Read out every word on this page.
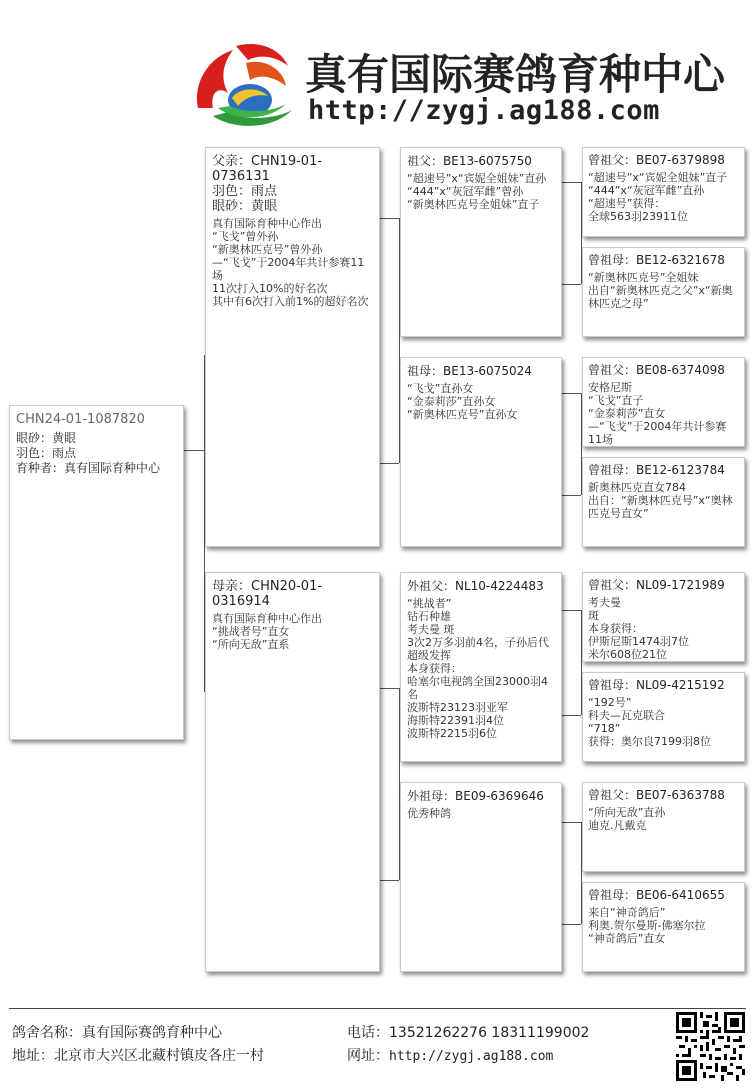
真有国际赛鸽育种中心
http://zygj.ag188.com
CHN24-01-1087820
眼砂：黄眼
羽色：雨点
育种者：真有国际育种中心
父亲：CHN19-01-0736131
羽色：雨点
眼砂：黄眼
真有国际育种中心作出
“飞戈”曾外孙
“新奥林匹克号”曾外孙
—“飞戈”于2004年共计参赛11场
11次打入10%的好名次
其中有6次打入前1%的超好名次
母亲：CHN20-01-0316914
真有国际育种中心作出
“挑战者号”直女
“所向无敌”直系
祖父：BE13-6075750
“超速号”x“宾妮全姐妹”直孙
“444”x“灰冠军雌”曾孙
“新奥林匹克号全姐妹”直子
祖母：BE13-6075024
“飞戈”直孙女
“金泰莉莎”直孙女
“新奥林匹克号”直孙女
外祖父：NL10-4224483
“挑战者”
钻石种雄
考夫曼 斑
3次2万多羽前4名，子孙后代超级发挥
本身获得：
哈塞尔电视鸽全国23000羽4名
波斯特23123羽亚军
海斯特22391羽4位
波斯特2215羽6位
外祖母：BE09-6369646
优秀种鸽
曾祖父：BE07-6379898
“超速号”x“宾妮全姐妹”直子
“444”x“灰冠军雌”直孙
“超速号”获得：
全球563羽23911位
曾祖母：BE12-6321678
“新奥林匹克号”全姐妹
出自“新奥林匹克之父”x“新奥林匹克之母”
曾祖父：BE08-6374098
安格尼斯
“飞戈”直子
“金泰莉莎”直女
—“飞戈”于2004年共计参赛11场
曾祖母：BE12-6123784
新奥林匹克直女784
出自：“新奥林匹克号”x“奥林匹克号直女”
曾祖父：NL09-1721989
考夫曼
斑
本身获得：
伊斯尼斯1474羽7位
米尔608位21位
曾祖母：NL09-4215192
“192号”
科夫—瓦克联合
“718”
获得：奥尔良7199羽8位
曾祖父：BE07-6363788
“所向无敌”直孙
迪克.凡戴克
曾祖母：BE06-6410655
来自“神奇鸽后”
利奥.贺尔曼斯-佛塞尔拉
“神奇鸽后”直女
鸽舍名称：真有国际赛鸽育种中心
地址：北京市大兴区北藏村镇皮各庄一村
电话：13521262276 18311199002
网址：http://zygj.ag188.com
